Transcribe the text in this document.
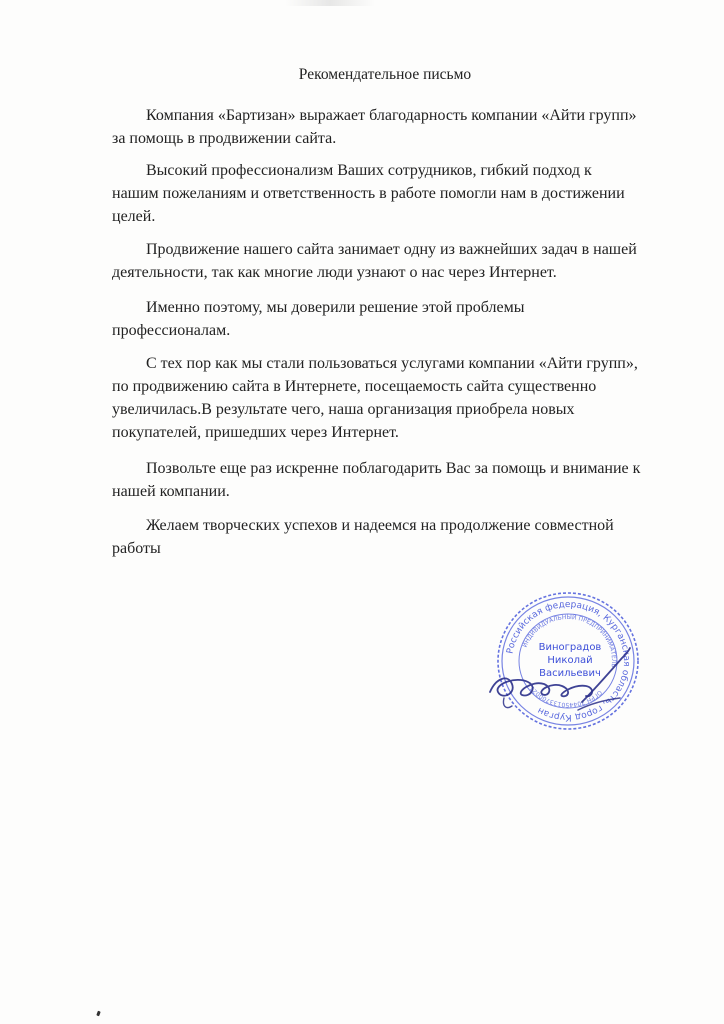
Рекомендательное письмо

Компания «Бартизан» выражает благодарность компании «Айти групп» за помощь в продвижении сайта.

Высокий профессионализм Ваших сотрудников, гибкий подход к нашим пожеланиям и ответственность в работе помогли нам в достижении целей.

Продвижение нашего сайта занимает одну из важнейших задач в нашей деятельности, так как многие люди узнают о нас через Интернет.

Именно поэтому, мы доверили решение этой проблемы профессионалам.

С тех пор как мы стали пользоваться услугами компании «Айти групп», по продвижению сайта в Интернете, посещаемость сайта существенно увеличилась.В результате чего, наша организация приобрела новых покупателей, пришедших через Интернет.

Позвольте еще раз искренне поблагодарить Вас за помощь и внимание к нашей компании.

Желаем творческих успехов и надеемся на продолжение совместной работы

Российская федерация, Курганская область, город Курган
ИНДИВИДУАЛЬНЫЙ ПРЕДПРИНИМАТЕЛЬ
ОГРН 304450133700021
Виноградов
Николай
Васильевич
